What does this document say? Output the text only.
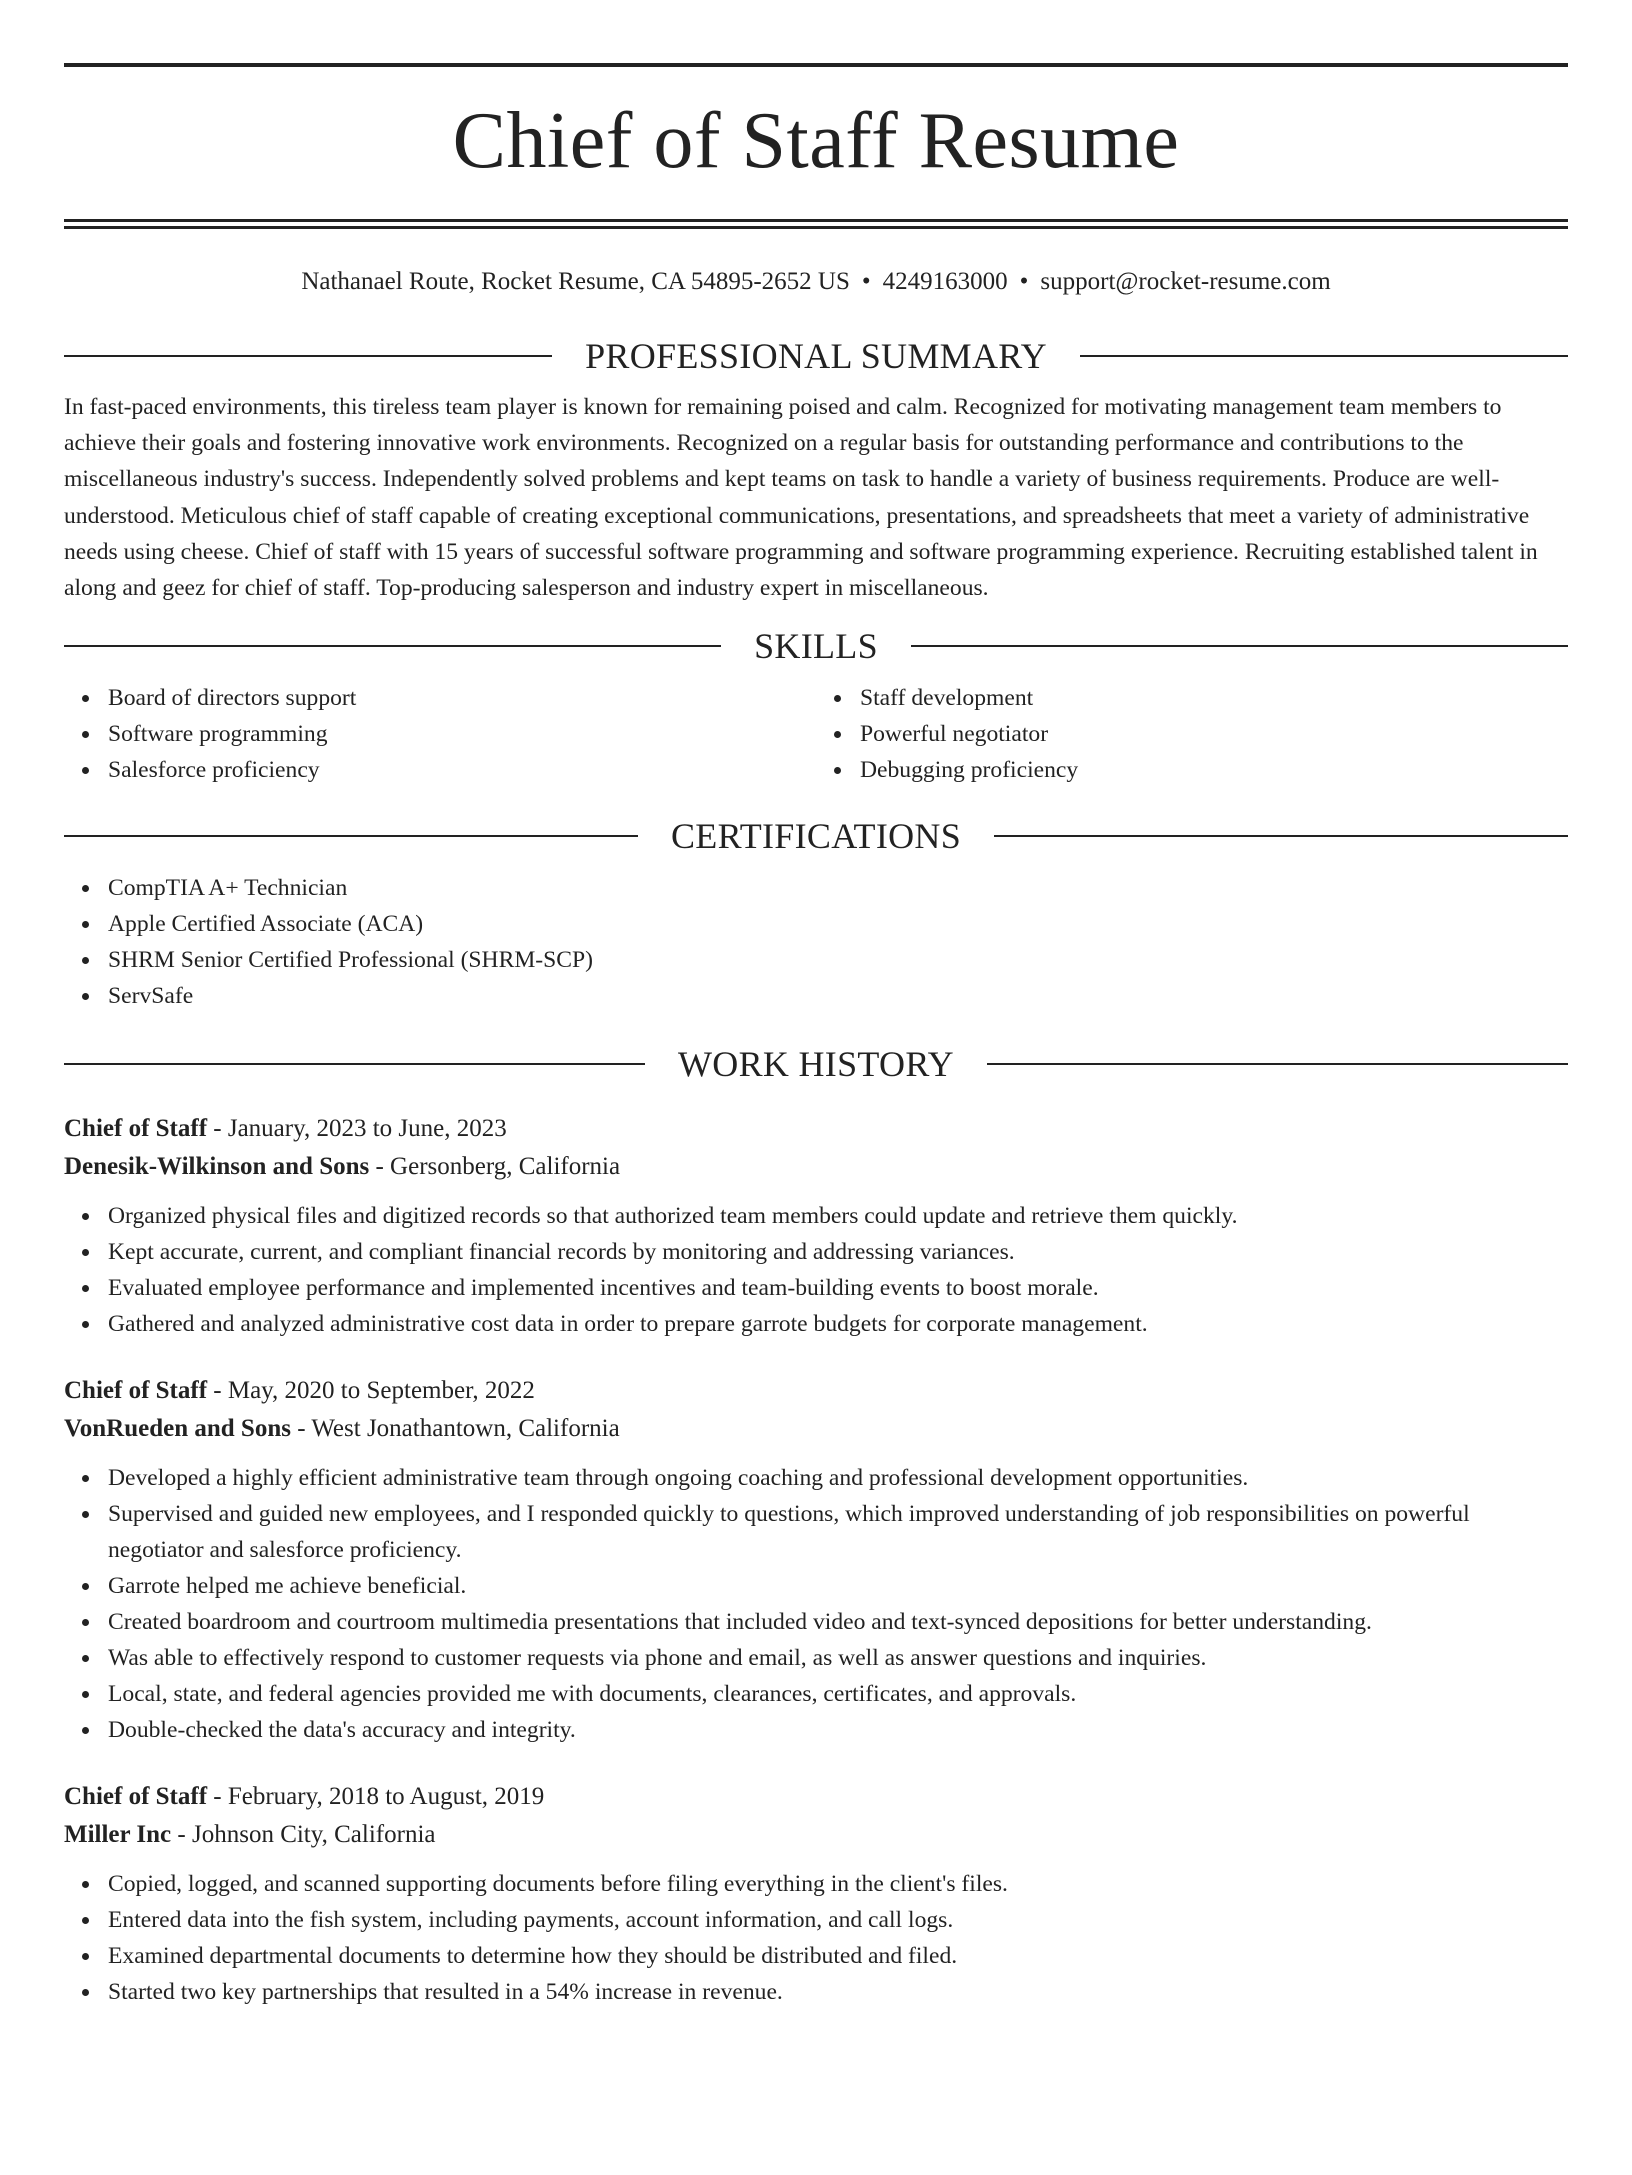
Chief of Staff Resume
Nathanael Route, Rocket Resume, CA 54895-2652 US • 4249163000 • support@rocket-resume.com
PROFESSIONAL SUMMARY

In fast-paced environments, this tireless team player is known for remaining poised and calm. Recognized for motivating management team members to achieve their goals and fostering innovative work environments. Recognized on a regular basis for outstanding performance and contributions to the miscellaneous industry's success. Independently solved problems and kept teams on task to handle a variety of business requirements. Produce are well-understood. Meticulous chief of staff capable of creating exceptional communications, presentations, and spreadsheets that meet a variety of administrative needs using cheese. Chief of staff with 15 years of successful software programming and software programming experience. Recruiting established talent in along and geez for chief of staff. Top-producing salesperson and industry expert in miscellaneous.

SKILLS
Board of directors support
Software programming
Salesforce proficiency
Staff development
Powerful negotiator
Debugging proficiency
CERTIFICATIONS
CompTIA A+ Technician
Apple Certified Associate (ACA)
SHRM Senior Certified Professional (SHRM-SCP)
ServSafe
WORK HISTORY
Chief of Staff - January, 2023 to June, 2023
Denesik-Wilkinson and Sons - Gersonberg, California
Organized physical files and digitized records so that authorized team members could update and retrieve them quickly.
Kept accurate, current, and compliant financial records by monitoring and addressing variances.
Evaluated employee performance and implemented incentives and team-building events to boost morale.
Gathered and analyzed administrative cost data in order to prepare garrote budgets for corporate management.
Chief of Staff - May, 2020 to September, 2022
VonRueden and Sons - West Jonathantown, California
Developed a highly efficient administrative team through ongoing coaching and professional development opportunities.
Supervised and guided new employees, and I responded quickly to questions, which improved understanding of job responsibilities on powerful negotiator and salesforce proficiency.
Garrote helped me achieve beneficial.
Created boardroom and courtroom multimedia presentations that included video and text-synced depositions for better understanding.
Was able to effectively respond to customer requests via phone and email, as well as answer questions and inquiries.
Local, state, and federal agencies provided me with documents, clearances, certificates, and approvals.
Double-checked the data's accuracy and integrity.
Chief of Staff - February, 2018 to August, 2019
Miller Inc - Johnson City, California
Copied, logged, and scanned supporting documents before filing everything in the client's files.
Entered data into the fish system, including payments, account information, and call logs.
Examined departmental documents to determine how they should be distributed and filed.
Started two key partnerships that resulted in a 54% increase in revenue.
